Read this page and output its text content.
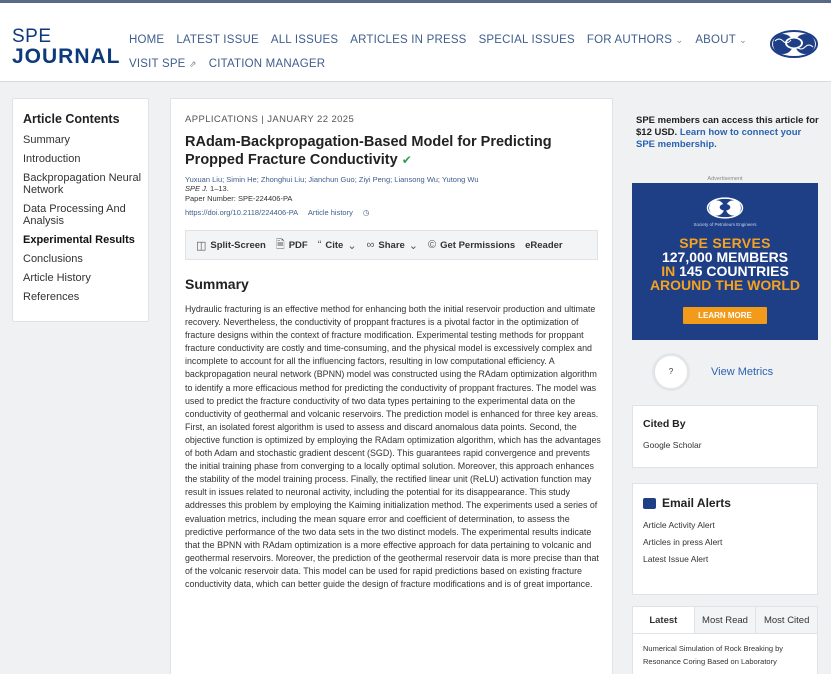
SPE
JOURNAL
HOME LATEST ISSUE ALL ISSUES ARTICLES IN PRESS SPECIAL ISSUES FOR AUTHORS ⌄ ABOUT ⌄
VISIT SPE ⇗ CITATION MANAGER
Article Contents
Summary
Introduction
Backpropagation Neural Network
Data Processing And Analysis
Experimental Results
Conclusions
Article History
References
APPLICATIONS | JANUARY 22 2025
RAdam-Backpropagation-Based Model for Predicting Propped Fracture Conductivity ✔︎
Yuxuan Liu; Simin He; Zhonghui Liu; Jianchun Guo; Ziyi Peng; Liansong Wu; Yutong Wu
SPE J. 1–13.
Paper Number: SPE-224406-PA
https://doi.org/10.2118/224406-PA Article history ◷
◫ Split-Screen 🗎︎ PDF “ Cite ⌄ ∞ Share ⌄ © Get Permissions eReader
Summary
Hydraulic fracturing is an effective method for enhancing both the initial reservoir production and ultimate recovery. Nevertheless, the conductivity of proppant fractures is a pivotal factor in the optimization of fracture designs within the context of fracture modification. Experimental testing methods for proppant fracture conductivity are costly and time-consuming, and the physical model is excessively complex and incomplete to account for all the influencing factors, resulting in low computational efficiency. A backpropagation neural network (BPNN) model was constructed using the RAdam optimization algorithm to identify a more efficacious method for predicting the conductivity of proppant fractures. The model was used to predict the fracture conductivity of two data types pertaining to the experimental data on the conductivity of geothermal and volcanic reservoirs. The prediction model is enhanced for three key areas. First, an isolated forest algorithm is used to assess and discard anomalous data points. Second, the objective function is optimized by employing the RAdam optimization algorithm, which has the advantages of both Adam and stochastic gradient descent (SGD). This guarantees rapid convergence and prevents the initial training phase from converging to a locally optimal solution. Moreover, this approach enhances the stability of the model training process. Finally, the rectified linear unit (ReLU) activation function may result in issues related to neuronal activity, including the potential for its disappearance. This study addresses this problem by employing the Kaiming initialization method. The experiments used a series of evaluation metrics, including the mean square error and coefficient of determination, to assess the predictive performance of the two data sets in the two distinct models. The experimental results indicate that the BPNN with RAdam optimization is a more effective approach for data pertaining to volcanic and geothermal reservoirs. Moreover, the prediction of the geothermal reservoir data is more precise than that of the volcanic reservoir data. This model can be used for rapid predictions based on existing fracture conductivity data, which can better guide the design of fracture modifications and is of great importance.
SPE members can access this article for $12 USD. Learn how to connect your SPE membership.
Advertisement
Society of Petroleum Engineers
SPE SERVES
127,000 MEMBERS
IN 145 COUNTRIES
AROUND THE WORLD
LEARN MORE
?	View Metrics
Cited By
Google Scholar
Email Alerts
Article Activity Alert
Articles in press Alert
Latest Issue Alert
Latest	Most Read	Most Cited
Numerical Simulation of Rock Breaking by Resonance Coring Based on Laboratory
